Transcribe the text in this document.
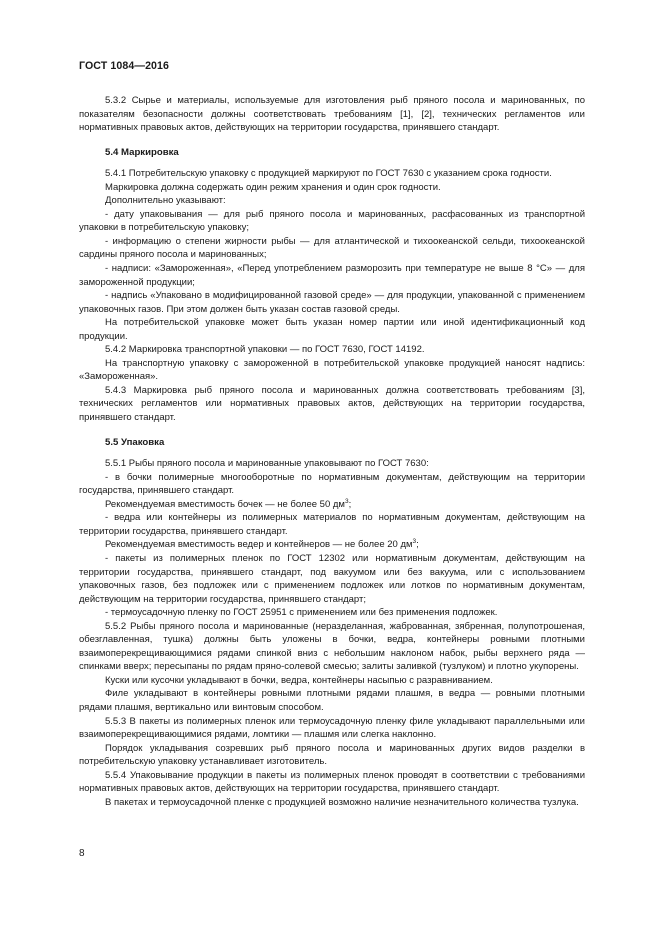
ГОСТ 1084—2016

5.3.2 Сырье и материалы, используемые для изготовления рыб пряного посола и маринованных, по показателям безопасности должны соответствовать требованиям [1], [2], технических регламентов или нормативных правовых актов, действующих на территории государства, принявшего стандарт.

5.4 Маркировка

5.4.1 Потребительскую упаковку с продукцией маркируют по ГОСТ 7630 с указанием срока годности.

Маркировка должна содержать один режим хранения и один срок годности.

Дополнительно указывают:

- дату упаковывания — для рыб пряного посола и маринованных, расфасованных из транспортной упаковки в потребительскую упаковку;

- информацию о степени жирности рыбы — для атлантической и тихоокеанской сельди, тихоокеанской сардины пряного посола и маринованных;

- надписи: «Замороженная», «Перед употреблением разморозить при температуре не выше 8 °С» — для замороженной продукции;

- надпись «Упаковано в модифицированной газовой среде» — для продукции, упакованной с применением упаковочных газов. При этом должен быть указан состав газовой среды.

На потребительской упаковке может быть указан номер партии или иной идентификационный код продукции.

5.4.2 Маркировка транспортной упаковки — по ГОСТ 7630, ГОСТ 14192.

На транспортную упаковку с замороженной в потребительской упаковке продукцией наносят надпись: «Замороженная».

5.4.3 Маркировка рыб пряного посола и маринованных должна соответствовать требованиям [3], технических регламентов или нормативных правовых актов, действующих на территории государства, принявшего стандарт.

5.5 Упаковка

5.5.1 Рыбы пряного посола и маринованные упаковывают по ГОСТ 7630:

- в бочки полимерные многооборотные по нормативным документам, действующим на территории государства, принявшего стандарт.

Рекомендуемая вместимость бочек — не более 50 $дм^3$;

- ведра или контейнеры из полимерных материалов по нормативным документам, действующим на территории государства, принявшего стандарт.

Рекомендуемая вместимость ведер и контейнеров — не более 20 $дм^3$;

- пакеты из полимерных пленок по ГОСТ 12302 или нормативным документам, действующим на территории государства, принявшего стандарт, под вакуумом или без вакуума, или с использованием упаковочных газов, без подложек или с применением подложек или лотков по нормативным документам, действующим на территории государства, принявшего стандарт;

- термоусадочную пленку по ГОСТ 25951 с применением или без применения подложек.

5.5.2 Рыбы пряного посола и маринованные (неразделанная, жаброванная, зябренная, полупотрошеная, обезглавленная, тушка) должны быть уложены в бочки, ведра, контейнеры ровными плотными взаимоперекрещивающимися рядами спинкой вниз с небольшим наклоном набок, рыбы верхнего ряда — спинками вверх; пересыпаны по рядам пряно-солевой смесью; залиты заливкой (тузлуком) и плотно укупорены.

Куски или кусочки укладывают в бочки, ведра, контейнеры насыпью с разравниванием.

Филе укладывают в контейнеры ровными плотными рядами плашмя, в ведра — ровными плотными рядами плашмя, вертикально или винтовым способом.

5.5.3 В пакеты из полимерных пленок или термоусадочную пленку филе укладывают параллельными или взаимоперекрещивающимися рядами, ломтики — плашмя или слегка наклонно.

Порядок укладывания созревших рыб пряного посола и маринованных других видов разделки в потребительскую упаковку устанавливает изготовитель.

5.5.4 Упаковывание продукции в пакеты из полимерных пленок проводят в соответствии с требованиями нормативных правовых актов, действующих на территории государства, принявшего стандарт.

В пакетах и термоусадочной пленке с продукцией возможно наличие незначительного количества тузлука.

8
